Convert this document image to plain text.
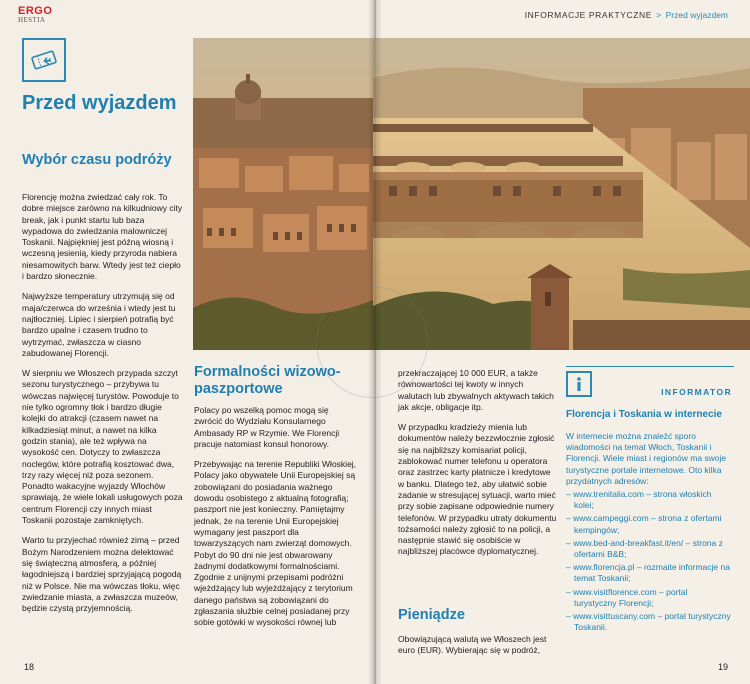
ERGO
HESTIA
Przed wyjazdem
Wybór czasu podróży

Florencję można zwiedzać cały rok. To dobre miejsce zarówno na kilkudniowy city break, jak i punkt startu lub baza wypadowa do zwiedzania malowniczej Toskanii. Najpiękniej jest późną wiosną i wczesną jesienią, kiedy przyroda nabiera niesamowitych barw. Wtedy jest też ciepło i bardzo słonecznie.

Najwyższe temperatury utrzymują się od maja/czerwca do września i wtedy jest tu najtłoczniej. Lipiec i sierpień potrafią być bardzo upalne i czasem trudno to wytrzymać, zwłaszcza w ciasno zabudowanej Florencji.

W sierpniu we Włoszech przypada szczyt sezonu turystycznego – przybywa tu wówczas najwięcej turystów. Powoduje to nie tylko ogromny tłok i bardzo długie kolejki do atrakcji (czasem nawet na kilkadziesiąt minut, a nawet na kilka godzin stania), ale też wpływa na wysokość cen. Dotyczy to zwłaszcza noclegów, które potrafią kosztować dwa, trzy razy więcej niż poza sezonem. Ponadto wakacyjne wyjazdy Włochów sprawiają, że wiele lokali usługowych poza centrum Florencji czy innych miast Toskanii pozostaje zamkniętych.

Warto tu przyjechać również zimą – przed Bożym Narodzeniem można delektować się świąteczną atmosferą, a później łagodniejszą i bardziej sprzyjającą pogodą niż w Polsce. Nie ma wówczas tłoku, więc zwiedzanie miasta, a zwłaszcza muzeów, będzie czystą przyjemnością.

Formalności wizowo-paszportowe

Polacy po wszelką pomoc mogą się zwrócić do Wydziału Konsularnego Ambasady RP w Rzymie. We Florencji pracuje natomiast konsul honorowy.

Przebywając na terenie Republiki Włoskiej, Polacy jako obywatele Unii Europejskiej są zobowiązani do posiadania ważnego dowodu osobistego z aktualną fotografią; paszport nie jest konieczny. Pamiętajmy jednak, że na terenie Unii Europejskiej wymagany jest paszport dla towarzyszących nam zwierząt domowych. Pobyt do 90 dni nie jest obwarowany żadnymi dodatkowymi formalnościami. Zgodnie z unijnymi przepisami podróżni wjeżdżający lub wyjeżdżający z terytorium danego państwa są zobowiązani do zgłaszania służbie celnej posiadanej przy sobie gotówki w wysokości równej lub

18
INFORMACJE PRAKTYCZNE > Przed wyjazdem

przekraczającej 10 000 EUR, a także równowartości tej kwoty w innych walutach lub zbywalnych aktywach takich jak akcje, obligacje itp.

W przypadku kradzieży mienia lub dokumentów należy bezzwłocznie zgłosić się na najbliższy komisariat policji, zablokować numer telefonu u operatora oraz zastrzec karty płatnicze i kredytowe w banku. Dlatego też, aby ułatwić sobie zadanie w stresującej sytuacji, warto mieć przy sobie zapisane odpowiednie numery telefonów. W przypadku utraty dokumentu tożsamości należy zgłosić to na policji, a następnie stawić się osobiście w najbliższej placówce dyplomatycznej.

Pieniądze

Obowiązującą walutą we Włoszech jest euro (EUR). Wybierając się w podróż,

19
INFORMATOR
Florencja i Toskania w internecie

W internecie można znaleźć sporo wiadomości na temat Włoch, Toskanii i Florencji. Wiele miast i regionów ma swoje turystyczne portale internetowe. Oto kilka przydatnych adresów:

– www.trenitalia.com – strona włoskich kolei;
– www.campeggi.com – strona z ofertami kempingów;
– www.bed-and-breakfast.it/en/ – strona z ofertami B&B;
– www.florencja.pl – rozmaite informacje na temat Toskanii;
– www.visitflorence.com – portal turystyczny Florencji;
– www.visittuscany.com – portal turystyczny Toskanii.
